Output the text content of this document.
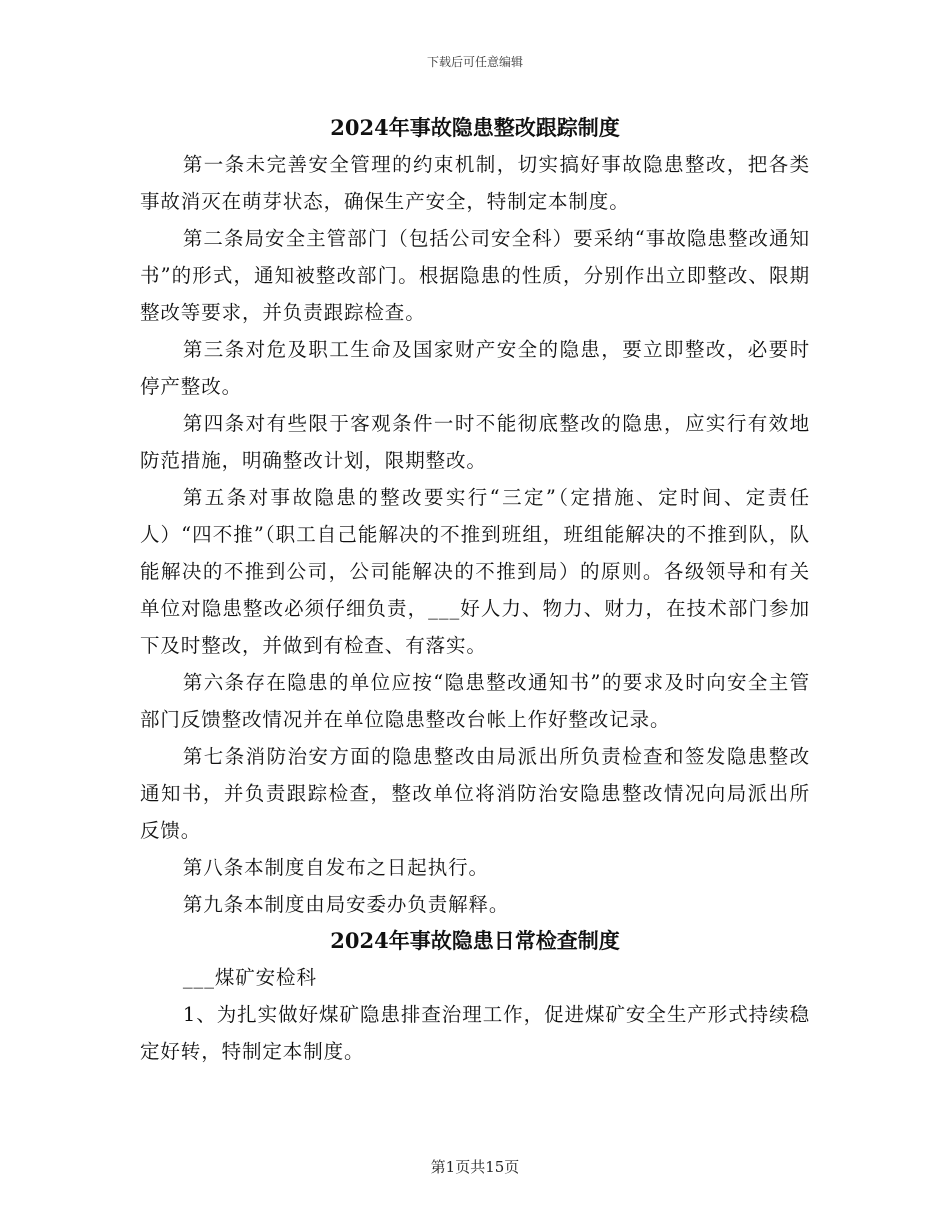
下载后可任意编辑
2024年事故隐患整改跟踪制度

第一条未完善安全管理的约束机制，切实搞好事故隐患整改，把各类事故消灭在萌芽状态，确保生产安全，特制定本制度。

第二条局安全主管部门（包括公司安全科）要采纳“事故隐患整改通知书”的形式，通知被整改部门。根据隐患的性质，分别作出立即整改、限期整改等要求，并负责跟踪检查。

第三条对危及职工生命及国家财产安全的隐患，要立即整改，必要时停产整改。

第四条对有些限于客观条件一时不能彻底整改的隐患，应实行有效地防范措施，明确整改计划，限期整改。

第五条对事故隐患的整改要实行“三定”（定措施、定时间、定责任人）“四不推”（职工自己能解决的不推到班组，班组能解决的不推到队，队能解决的不推到公司，公司能解决的不推到局）的原则。各级领导和有关单位对隐患整改必须仔细负责，___好人力、物力、财力，在技术部门参加下及时整改，并做到有检查、有落实。

第六条存在隐患的单位应按“隐患整改通知书”的要求及时向安全主管部门反馈整改情况并在单位隐患整改台帐上作好整改记录。

第七条消防治安方面的隐患整改由局派出所负责检查和签发隐患整改通知书，并负责跟踪检查，整改单位将消防治安隐患整改情况向局派出所反馈。

第八条本制度自发布之日起执行。

第九条本制度由局安委办负责解释。

2024年事故隐患日常检查制度

___煤矿安检科

1、为扎实做好煤矿隐患排查治理工作，促进煤矿安全生产形式持续稳定好转，特制定本制度。

第1页共15页
